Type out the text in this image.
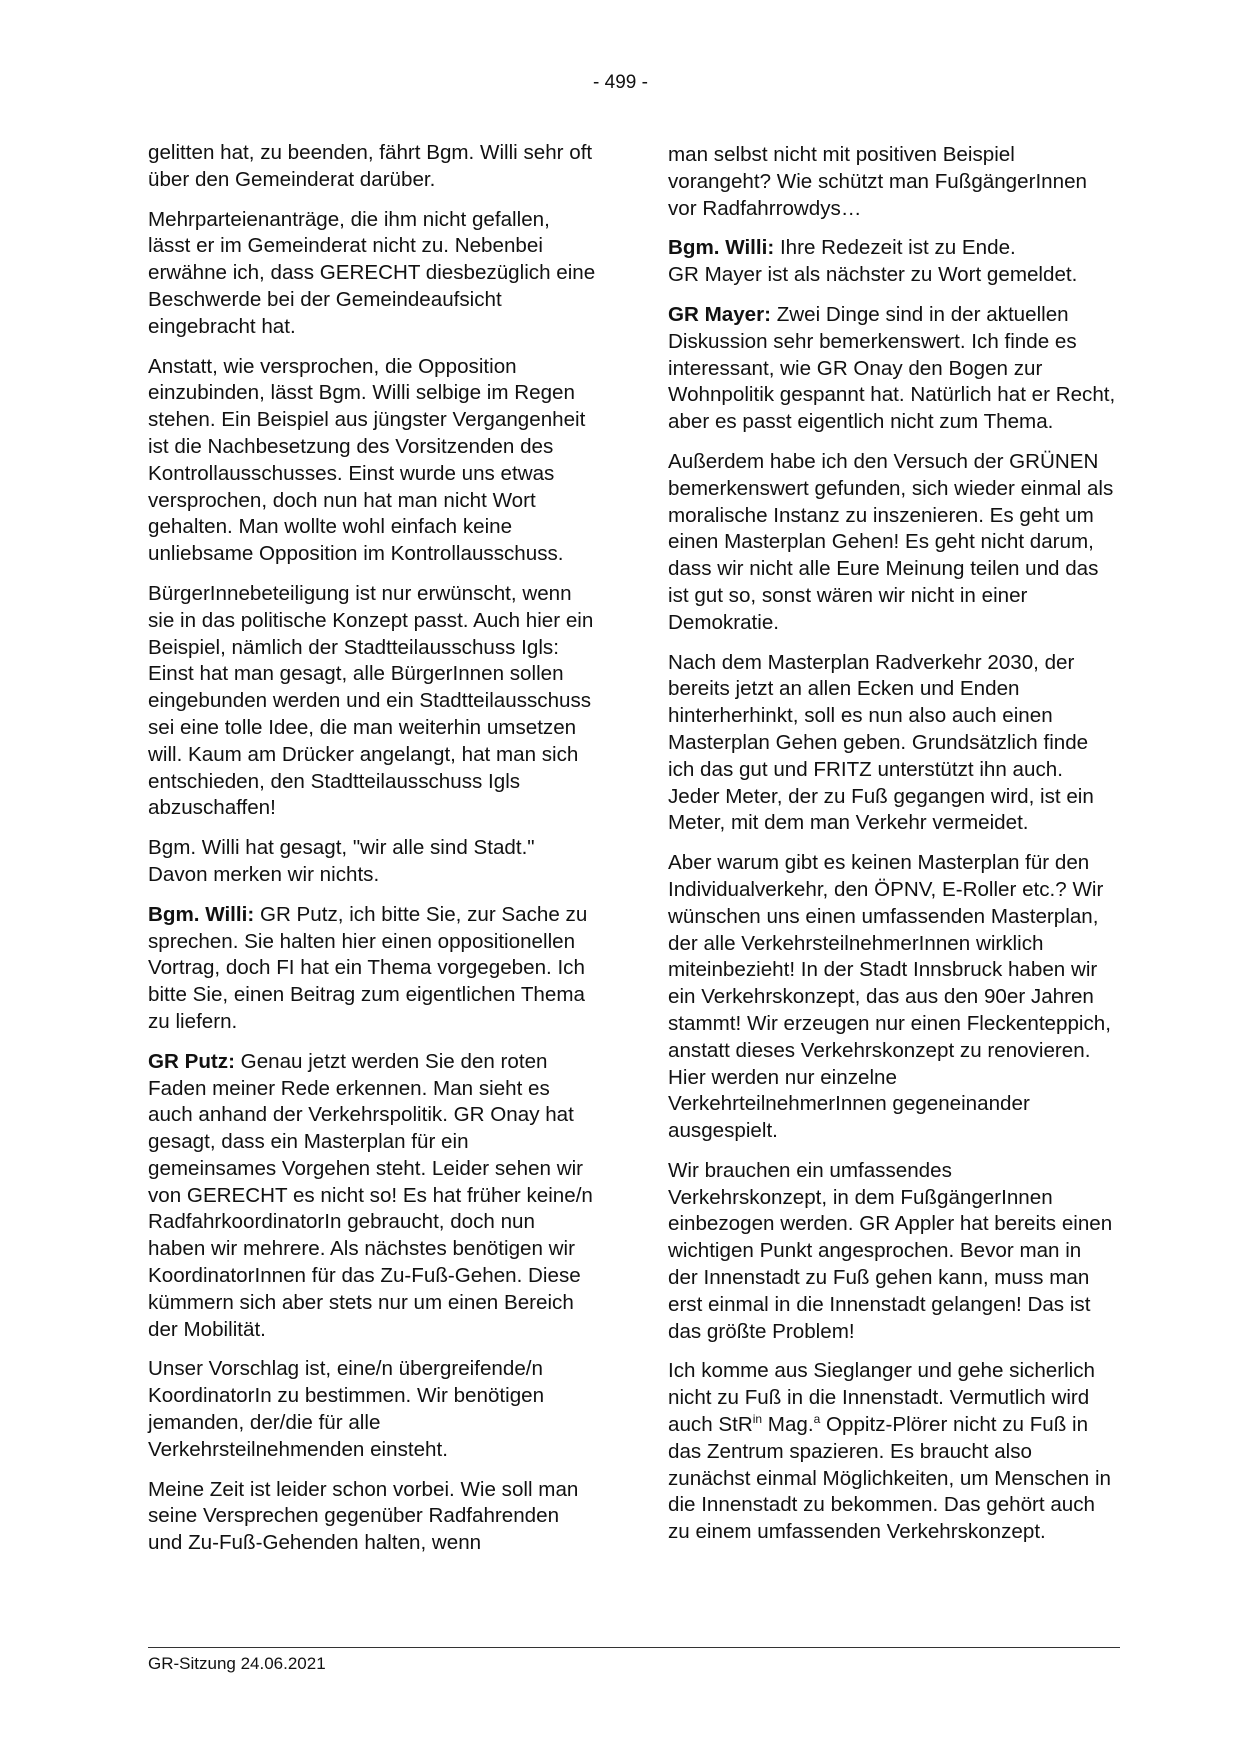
- 499 -

gelitten hat, zu beenden, fährt Bgm. Willi sehr oft über den Gemeinderat darüber.

Mehrparteienanträge, die ihm nicht gefallen, lässt er im Gemeinderat nicht zu. Nebenbei erwähne ich, dass GERECHT diesbezüglich eine Beschwerde bei der Gemeindeaufsicht eingebracht hat.

Anstatt, wie versprochen, die Opposition einzubinden, lässt Bgm. Willi selbige im Regen stehen. Ein Beispiel aus jüngster Vergangenheit ist die Nachbesetzung des Vorsitzenden des Kontrollausschusses. Einst wurde uns etwas versprochen, doch nun hat man nicht Wort gehalten. Man wollte wohl einfach keine unliebsame Opposition im Kontrollausschuss.

BürgerInnebeteiligung ist nur erwünscht, wenn sie in das politische Konzept passt. Auch hier ein Beispiel, nämlich der Stadtteilausschuss Igls: Einst hat man gesagt, alle BürgerInnen sollen eingebunden werden und ein Stadtteilausschuss sei eine tolle Idee, die man weiterhin umsetzen will. Kaum am Drücker angelangt, hat man sich entschieden, den Stadtteilausschuss Igls abzuschaffen!

Bgm. Willi hat gesagt, "wir alle sind Stadt." Davon merken wir nichts.

Bgm. Willi: GR Putz, ich bitte Sie, zur Sache zu sprechen. Sie halten hier einen oppositionellen Vortrag, doch FI hat ein Thema vorgegeben. Ich bitte Sie, einen Beitrag zum eigentlichen Thema zu liefern.

GR Putz: Genau jetzt werden Sie den roten Faden meiner Rede erkennen. Man sieht es auch anhand der Verkehrspolitik. GR Onay hat gesagt, dass ein Masterplan für ein gemeinsames Vorgehen steht. Leider sehen wir von GERECHT es nicht so! Es hat früher keine/n RadfahrkoordinatorIn gebraucht, doch nun haben wir mehrere. Als nächstes benötigen wir KoordinatorInnen für das Zu-Fuß-Gehen. Diese kümmern sich aber stets nur um einen Bereich der Mobilität.

Unser Vorschlag ist, eine/n übergreifende/n KoordinatorIn zu bestimmen. Wir benötigen jemanden, der/die für alle Verkehrsteilnehmenden einsteht.

Meine Zeit ist leider schon vorbei. Wie soll man seine Versprechen gegenüber Radfahrenden und Zu-Fuß-Gehenden halten, wenn

man selbst nicht mit positiven Beispiel vorangeht? Wie schützt man FußgängerInnen vor Radfahrrowdys…

Bgm. Willi: Ihre Redezeit ist zu Ende.
GR Mayer ist als nächster zu Wort gemeldet.

GR Mayer: Zwei Dinge sind in der aktuellen Diskussion sehr bemerkenswert. Ich finde es interessant, wie GR Onay den Bogen zur Wohnpolitik gespannt hat. Natürlich hat er Recht, aber es passt eigentlich nicht zum Thema.

Außerdem habe ich den Versuch der GRÜNEN bemerkenswert gefunden, sich wieder einmal als moralische Instanz zu inszenieren. Es geht um einen Masterplan Gehen! Es geht nicht darum, dass wir nicht alle Eure Meinung teilen und das ist gut so, sonst wären wir nicht in einer Demokratie.

Nach dem Masterplan Radverkehr 2030, der bereits jetzt an allen Ecken und Enden hinterherhinkt, soll es nun also auch einen Masterplan Gehen geben. Grundsätzlich finde ich das gut und FRITZ unterstützt ihn auch. Jeder Meter, der zu Fuß gegangen wird, ist ein Meter, mit dem man Verkehr vermeidet.

Aber warum gibt es keinen Masterplan für den Individualverkehr, den ÖPNV, E-Roller etc.? Wir wünschen uns einen umfassenden Masterplan, der alle VerkehrsteilnehmerInnen wirklich miteinbezieht! In der Stadt Innsbruck haben wir ein Verkehrskonzept, das aus den 90er Jahren stammt! Wir erzeugen nur einen Fleckenteppich, anstatt dieses Verkehrskonzept zu renovieren. Hier werden nur einzelne VerkehrteilnehmerInnen gegeneinander ausgespielt.

Wir brauchen ein umfassendes Verkehrskonzept, in dem FußgängerInnen einbezogen werden. GR Appler hat bereits einen wichtigen Punkt angesprochen. Bevor man in der Innenstadt zu Fuß gehen kann, muss man erst einmal in die Innenstadt gelangen! Das ist das größte Problem!

Ich komme aus Sieglanger und gehe sicherlich nicht zu Fuß in die Innenstadt. Vermutlich wird auch StR$^{in}$ Mag.$^a$ Oppitz-Plörer nicht zu Fuß in das Zentrum spazieren. Es braucht also zunächst einmal Möglichkeiten, um Menschen in die Innenstadt zu bekommen. Das gehört auch zu einem umfassenden Verkehrskonzept.

GR-Sitzung 24.06.2021
